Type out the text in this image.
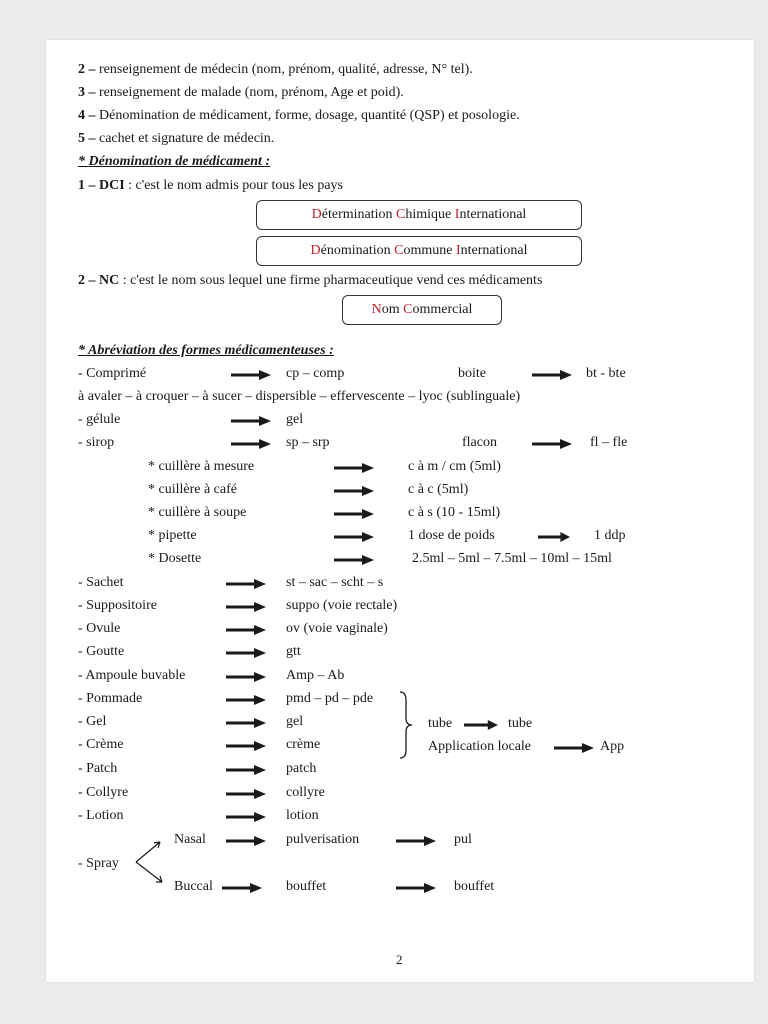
2 – renseignement de médecin (nom, prénom, qualité, adresse, N° tel).
3 – renseignement de malade (nom, prénom, Age et poid).
4 – Dénomination de médicament, forme, dosage, quantité (QSP) et posologie.
5 – cachet et signature de médecin.
* Dénomination de médicament :
1 – DCI : c'est le nom admis pour tous les pays
D étermination
C himique
I nternational
D énomination
C ommune
I nternational
2 – NC : c'est le nom sous lequel une firme pharmaceutique vend ces médicaments
N om
C ommercial
* Abréviation des formes médicamenteuses :
- Comprimé	cp – comp	boite	bt - bte
à avaler – à croquer – à sucer – dispersible – effervescente – lyoc (sublinguale)
- gélule	gel
- sirop	sp – srp	flacon	fl – fle
* cuillère à mesure	c à m / cm (5ml)
* cuillère à café	c à c (5ml)
* cuillère à soupe	c à s (10 - 15ml)
* pipette	1 dose de poids	1 ddp
* Dosette	2.5ml – 5ml – 7.5ml – 10ml – 15ml
- Sachet	st – sac – scht – s
- Suppositoire	suppo (voie rectale)
- Ovule	ov (voie vaginale)
- Goutte	gtt
- Ampoule buvable	Amp – Ab
- Pommade	pmd – pd – pde
- Gel	gel
- Crème	crème
tube	tube
Application locale	App
- Patch	patch
- Collyre	collyre
- Lotion	lotion
- Spray
Nasal	pulverisation	pul
Buccal	bouffet	bouffet
2
